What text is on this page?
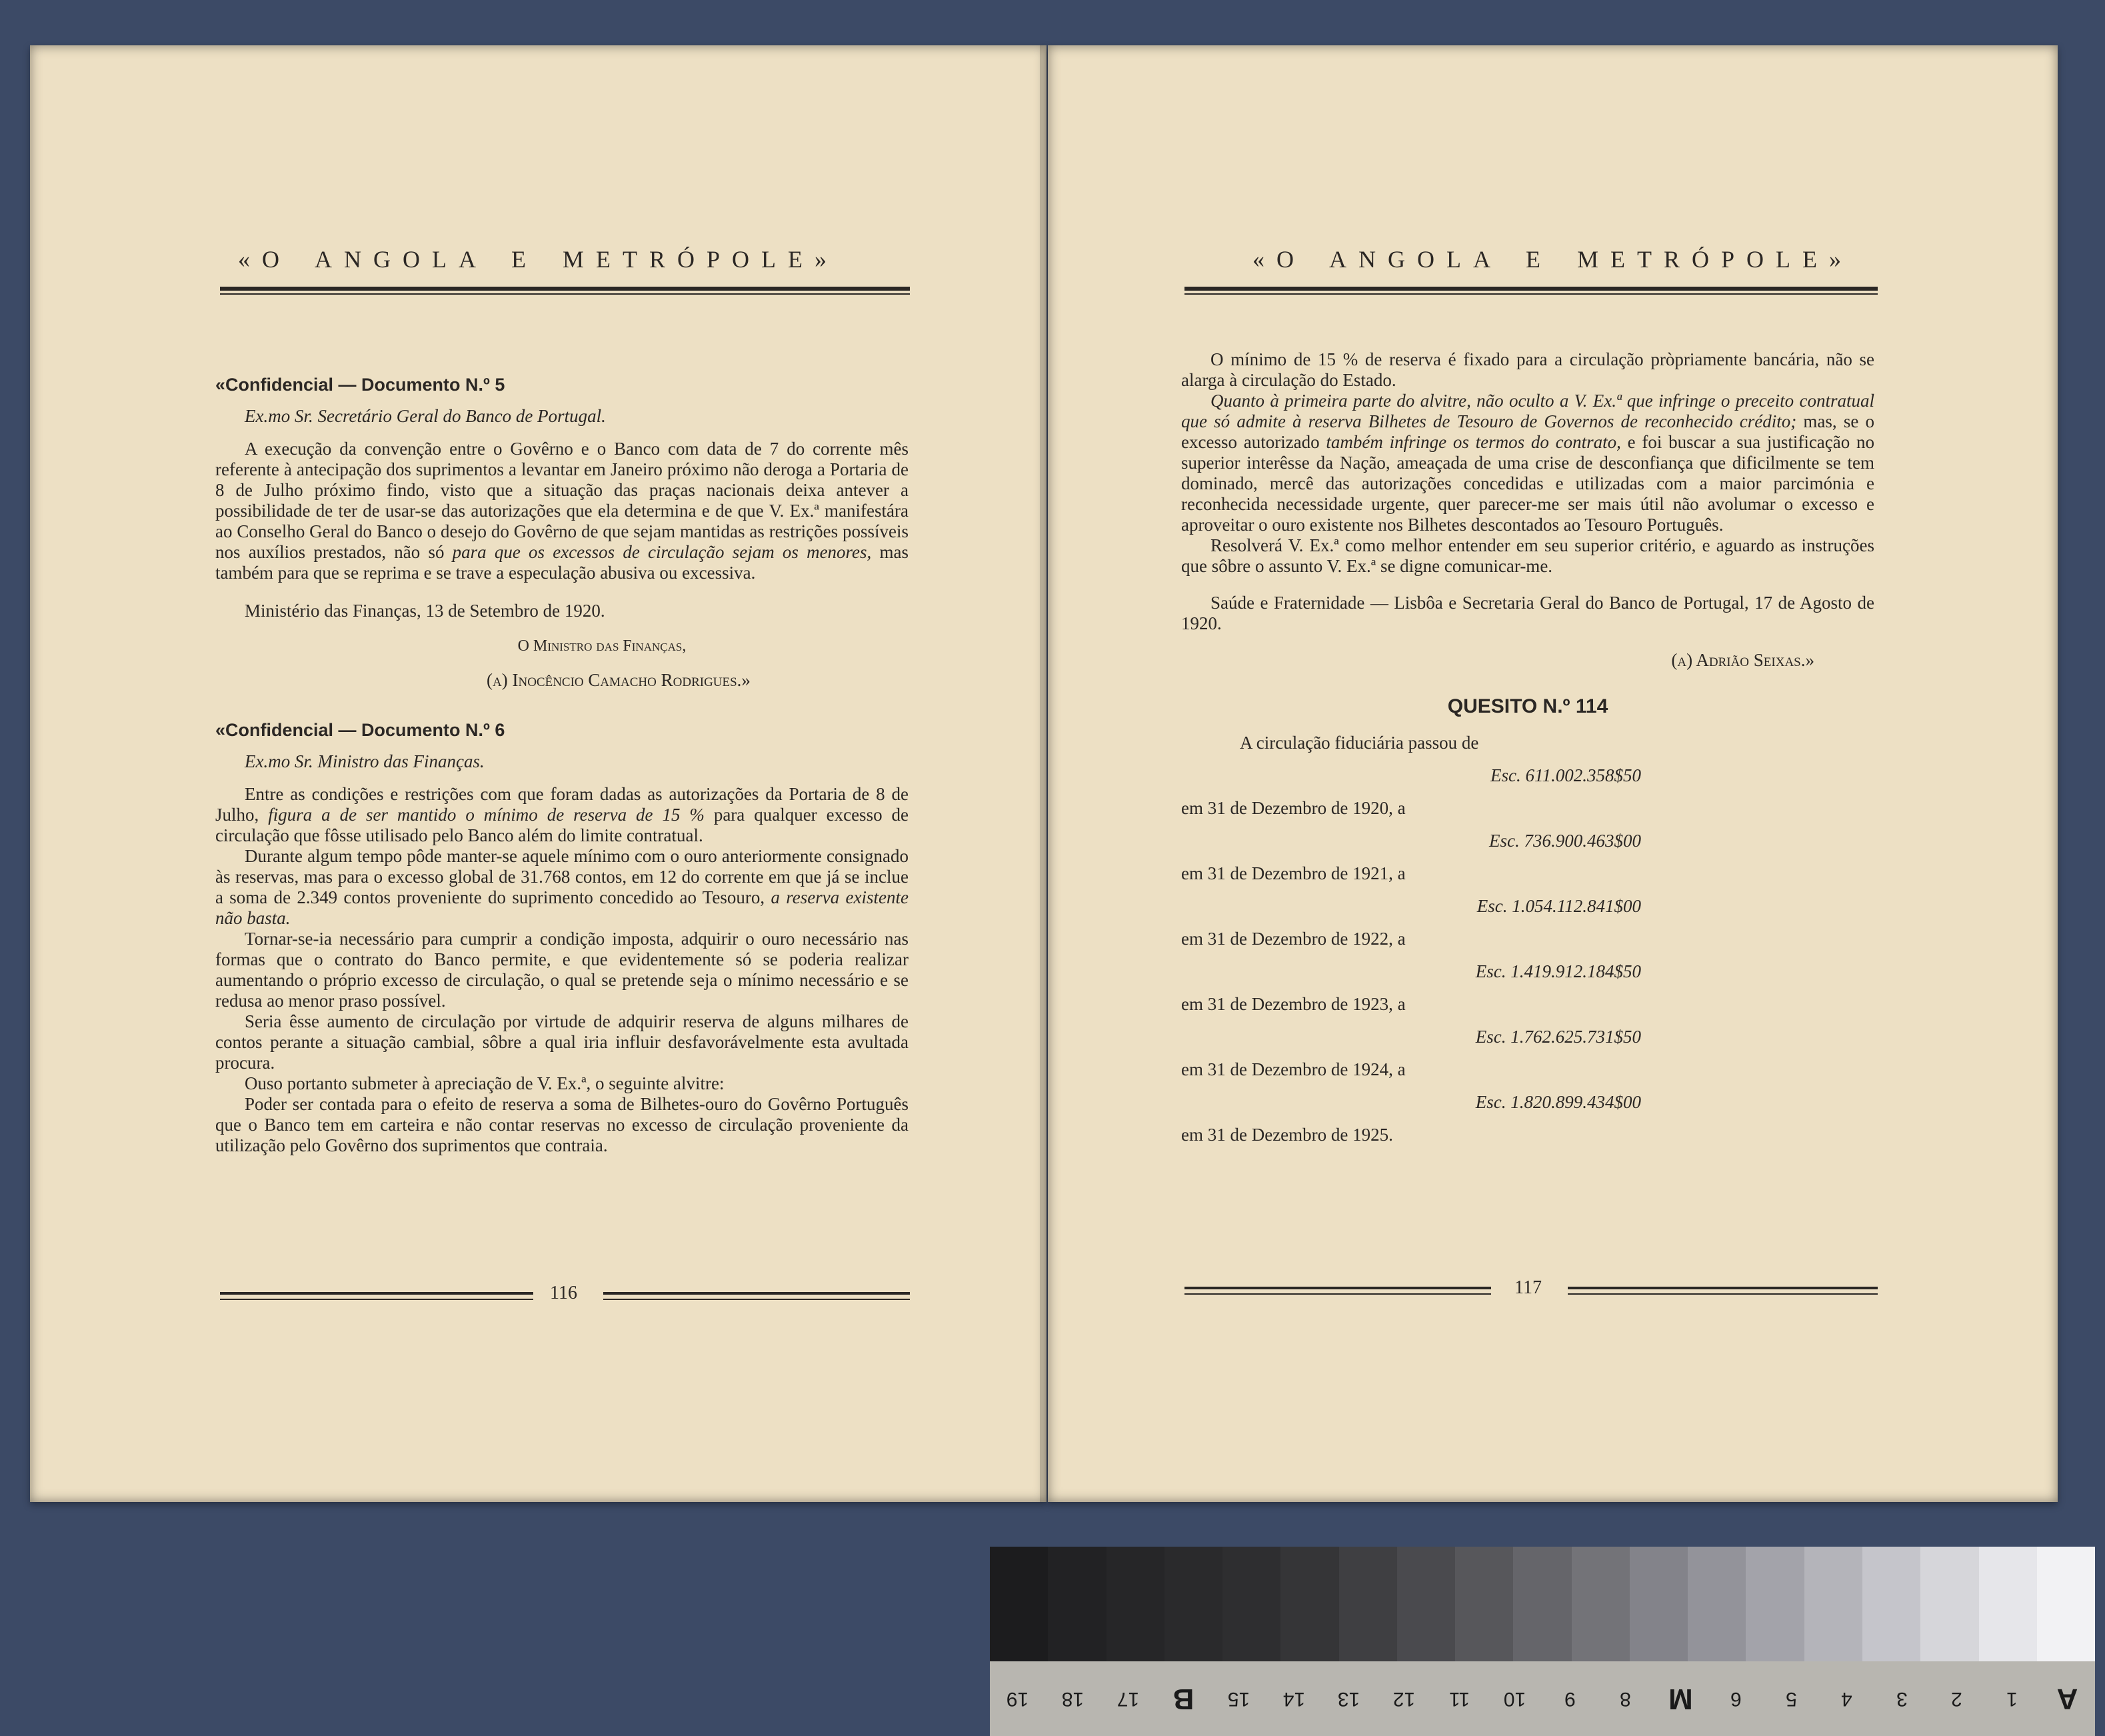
«O ANGOLA E METRÓPOLE»

«Confidencial — Documento N.º 5

Ex.mo Sr. Secretário Geral do Banco de Portugal.

A execução da convenção entre o Govêrno e o Banco com data de 7 do corrente mês referente à antecipação dos suprimentos a levantar em Janeiro próximo não deroga a Portaria de 8 de Julho próximo findo, visto que a situação das praças nacionais deixa antever a possibilidade de ter de usar-se das autorizações que ela determina e de que V. Ex.ª manifestára ao Conselho Geral do Banco o desejo do Govêrno de que sejam mantidas as restrições possíveis nos auxílios prestados, não só para que os excessos de circulação sejam os menores, mas também para que se reprima e se trave a especulação abusiva ou excessiva.

Ministério das Finanças, 13 de Setembro de 1920.

O Ministro das Finanças,

(a) Inocêncio Camacho Rodrigues.»

«Confidencial — Documento N.º 6

Ex.mo Sr. Ministro das Finanças.

Entre as condições e restrições com que foram dadas as autorizações da Portaria de 8 de Julho, figura a de ser mantido o mínimo de reserva de 15 % para qualquer excesso de circulação que fôsse utilisado pelo Banco além do limite contratual.

Durante algum tempo pôde manter-se aquele mínimo com o ouro anteriormente consignado às reservas, mas para o excesso global de 31.768 contos, em 12 do corrente em que já se inclue a soma de 2.349 contos proveniente do suprimento concedido ao Tesouro, a reserva existente não basta.

Tornar-se-ia necessário para cumprir a condição imposta, adquirir o ouro necessário nas formas que o contrato do Banco permite, e que evidentemente só se poderia realizar aumentando o próprio excesso de circulação, o qual se pretende seja o mínimo necessário e se redusa ao menor praso possível.

Seria êsse aumento de circulação por virtude de adquirir reserva de alguns milhares de contos perante a situação cambial, sôbre a qual iria influir desfavorávelmente esta avultada procura.

Ouso portanto submeter à apreciação de V. Ex.ª, o seguinte alvitre:

Poder ser contada para o efeito de reserva a soma de Bilhetes-ouro do Govêrno Português que o Banco tem em carteira e não contar reservas no excesso de circulação proveniente da utilização pelo Govêrno dos suprimentos que contraia.

116
«O ANGOLA E METRÓPOLE»

O mínimo de 15 % de reserva é fixado para a circulação pròpriamente bancária, não se alarga à circulação do Estado.

Quanto à primeira parte do alvitre, não oculto a V. Ex.ª que infringe o preceito contratual que só admite à reserva Bilhetes de Tesouro de Governos de reconhecido crédito; mas, se o excesso autorizado também infringe os termos do contrato, e foi buscar a sua justificação no superior interêsse da Nação, ameaçada de uma crise de desconfiança que dificilmente se tem dominado, mercê das autorizações concedidas e utilizadas com a maior parcimónia e reconhecida necessidade urgente, quer parecer-me ser mais útil não avolumar o excesso e aproveitar o ouro existente nos Bilhetes descontados ao Tesouro Português.

Resolverá V. Ex.ª como melhor entender em seu superior critério, e aguardo as instruções que sôbre o assunto V. Ex.ª se digne comunicar-me.

Saúde e Fraternidade — Lisbôa e Secretaria Geral do Banco de Portugal, 17 de Agosto de 1920.

(a) Adrião Seixas.»

QUESITO N.º 114

A circulação fiduciária passou de

Esc. 611.002.358$50

em 31 de Dezembro de 1920, a

Esc. 736.900.463$00

em 31 de Dezembro de 1921, a

Esc. 1.054.112.841$00

em 31 de Dezembro de 1922, a

Esc. 1.419.912.184$50

em 31 de Dezembro de 1923, a

Esc. 1.762.625.731$50

em 31 de Dezembro de 1924, a

Esc. 1.820.899.434$00

em 31 de Dezembro de 1925.

117
19	18	17	B	15	14	13	12	11	10	9	8	M	6	5	4	3	2	1	A
